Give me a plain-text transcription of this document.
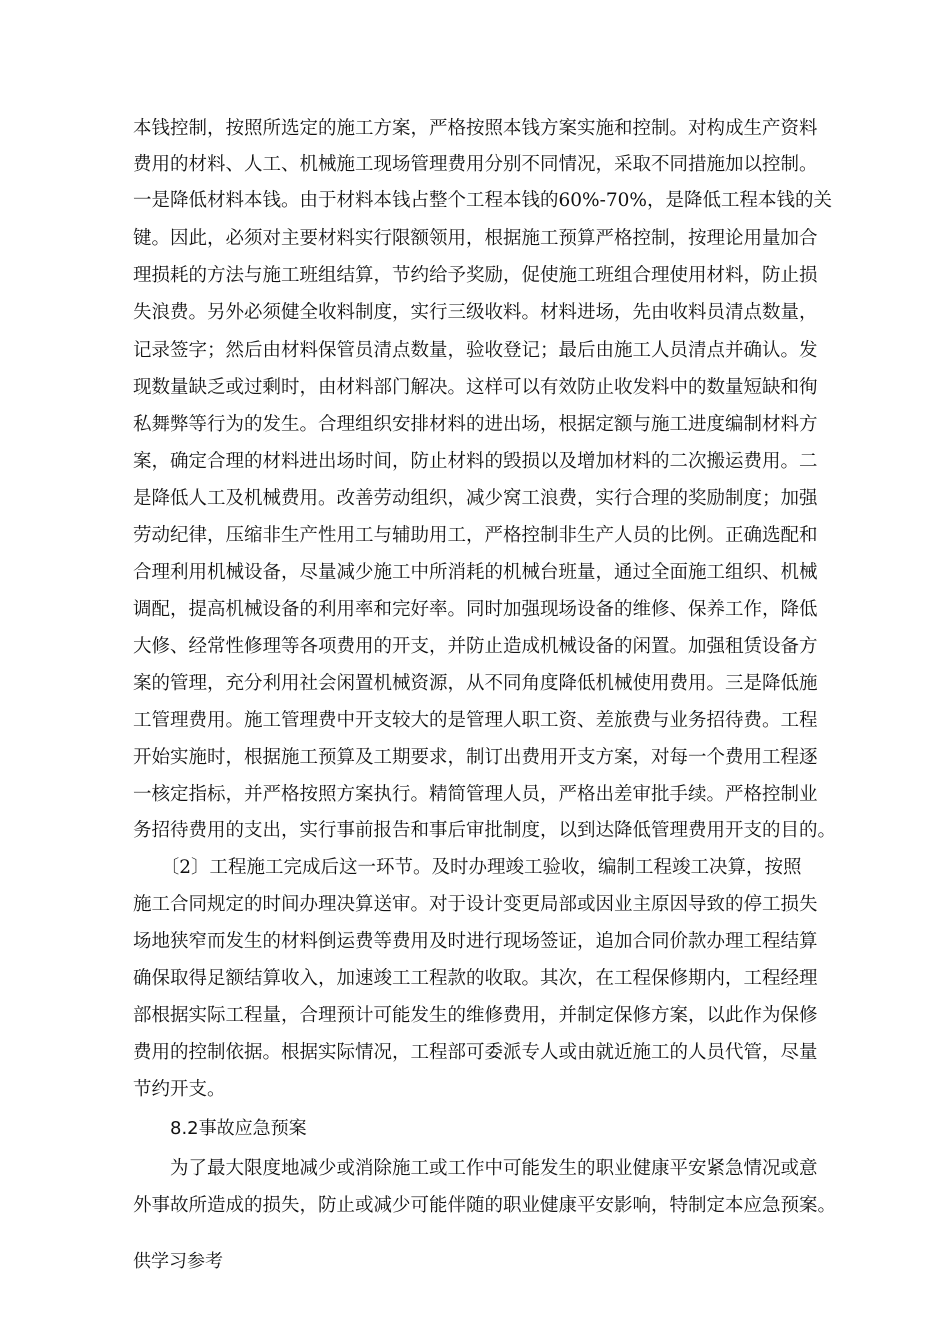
本钱控制，按照所选定的施工方案，严格按照本钱方案实施和控制。对构成生产资料
费用的材料、人工、机械施工现场管理费用分别不同情况，采取不同措施加以控制。
一是降低材料本钱。由于材料本钱占整个工程本钱的60%-70%，是降低工程本钱的关
键。因此，必须对主要材料实行限额领用，根据施工预算严格控制，按理论用量加合
理损耗的方法与施工班组结算，节约给予奖励，促使施工班组合理使用材料，防止损
失浪费。另外必须健全收料制度，实行三级收料。材料进场，先由收料员清点数量，
记录签字；然后由材料保管员清点数量，验收登记；最后由施工人员清点并确认。发
现数量缺乏或过剩时，由材料部门解决。这样可以有效防止收发料中的数量短缺和徇
私舞弊等行为的发生。合理组织安排材料的进出场，根据定额与施工进度编制材料方
案，确定合理的材料进出场时间，防止材料的毁损以及增加材料的二次搬运费用。二
是降低人工及机械费用。改善劳动组织，减少窝工浪费，实行合理的奖励制度；加强
劳动纪律，压缩非生产性用工与辅助用工，严格控制非生产人员的比例。正确选配和
合理利用机械设备，尽量减少施工中所消耗的机械台班量，通过全面施工组织、机械
调配，提高机械设备的利用率和完好率。同时加强现场设备的维修、保养工作，降低
大修、经常性修理等各项费用的开支，并防止造成机械设备的闲置。加强租赁设备方
案的管理，充分利用社会闲置机械资源，从不同角度降低机械使用费用。三是降低施
工管理费用。施工管理费中开支较大的是管理人职工资、差旅费与业务招待费。工程
开始实施时，根据施工预算及工期要求，制订出费用开支方案，对每一个费用工程逐
一核定指标，并严格按照方案执行。精简管理人员，严格出差审批手续。严格控制业
务招待费用的支出，实行事前报告和事后审批制度，以到达降低管理费用开支的目的。
　　〔2〕工程施工完成后这一环节。及时办理竣工验收，编制工程竣工决算，按照
施工合同规定的时间办理决算送审。对于设计变更局部或因业主原因导致的停工损失
场地狭窄而发生的材料倒运费等费用及时进行现场签证，追加合同价款办理工程结算
确保取得足额结算收入，加速竣工工程款的收取。其次，在工程保修期内，工程经理
部根据实际工程量，合理预计可能发生的维修费用，并制定保修方案，以此作为保修
费用的控制依据。根据实际情况，工程部可委派专人或由就近施工的人员代管，尽量
节约开支。
8.2事故应急预案
　　为了最大限度地减少或消除施工或工作中可能发生的职业健康平安紧急情况或意
外事故所造成的损失，防止或减少可能伴随的职业健康平安影响，特制定本应急预案。
供学习参考
